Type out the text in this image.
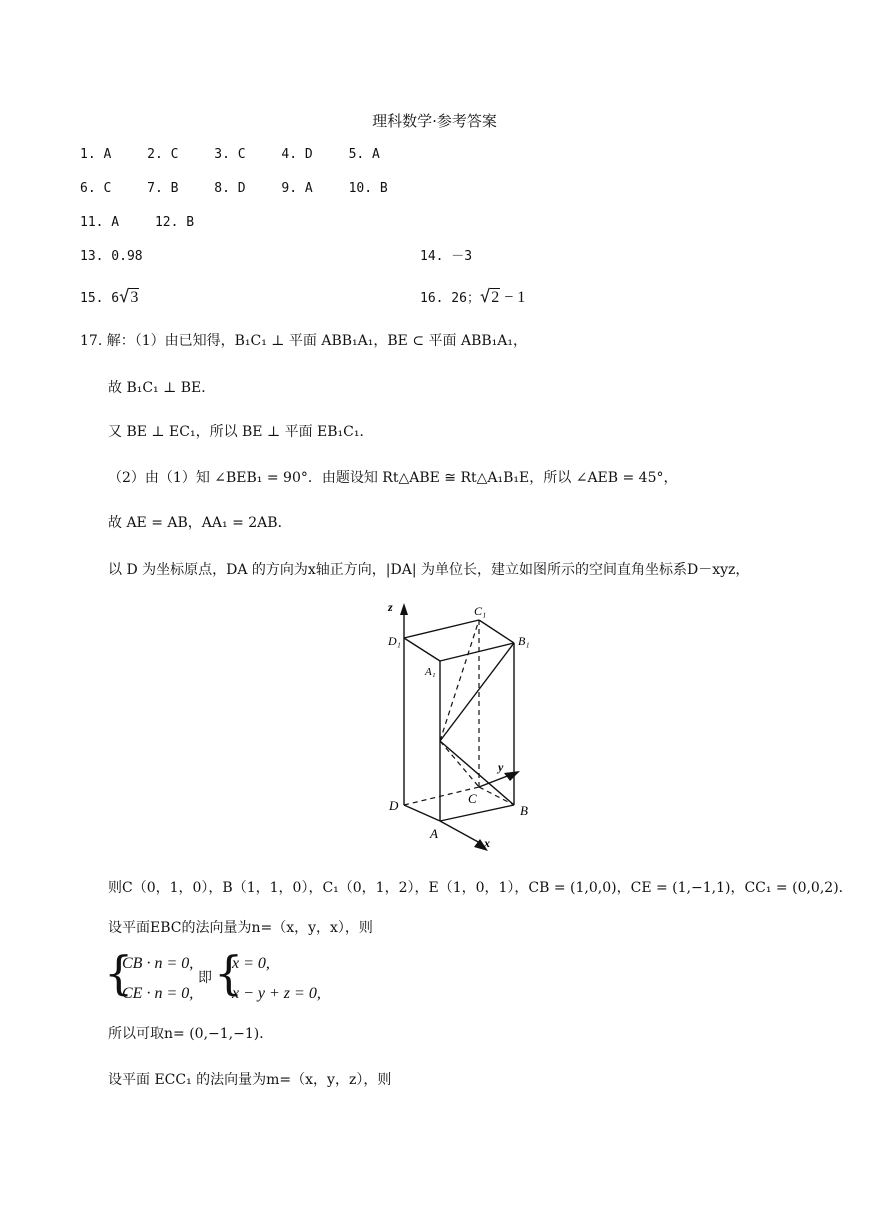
理科数学·参考答案
1. A	2. C	3. C	4. D	5. A
6. C	7. B	8. D	9. A	10. B
11. A	12. B
13. 0.98	14. －3
15. 6√3	16. 26；√2 − 1
17. 解：（1）由已知得，B₁C₁ ⊥ 平面 ABB₁A₁，BE ⊂ 平面 ABB₁A₁，
故 B₁C₁ ⊥ BE．
又 BE ⊥ EC₁，所以 BE ⊥ 平面 EB₁C₁．
（2）由（1）知 ∠BEB₁ = 90°．由题设知 Rt△ABE ≅ Rt△A₁B₁E，所以 ∠AEB = 45°，
故 AE = AB，AA₁ = 2AB．
以 D 为坐标原点，DA 的方向为x轴正方向，|DA| 为单位长，建立如图所示的空间直角坐标系D－xyz，
z
y
x
C₁
D₁	B₁
A₁
D	C
B
A
则C（0，1，0），B（1，1，0），C₁（0，1，2），E（1，0，1），CB = (1,0,0)，CE = (1,−1,1)，CC₁ = (0,0,2)．
设平面EBC的法向量为n=（x，y，x），则
{
CB · n = 0,
CE · n = 0,
即 {
x = 0,
x − y + z = 0,
所以可取n= (0,−1,−1)．
设平面 ECC₁ 的法向量为m=（x，y，z），则
